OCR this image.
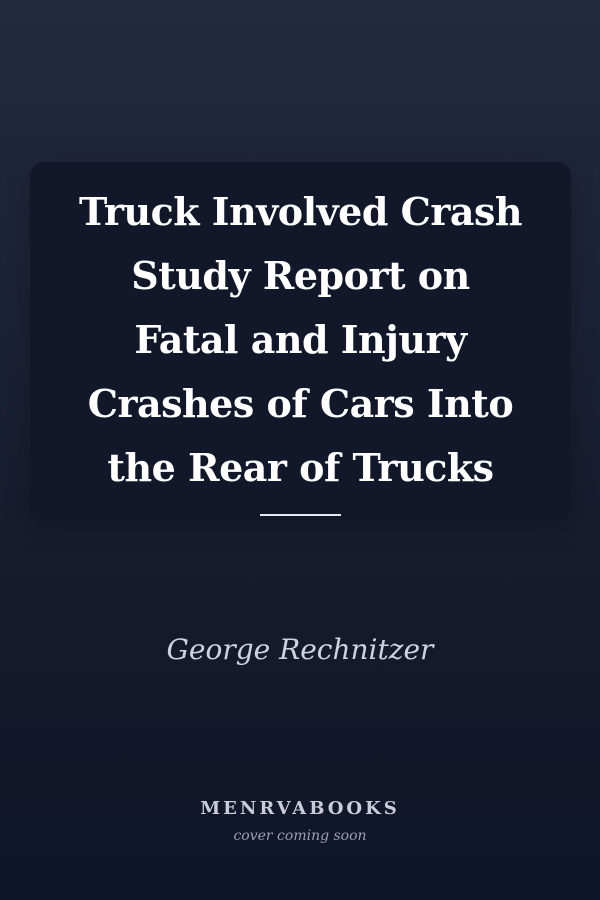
Truck Involved Crash
Study Report on
Fatal and Injury
Crashes of Cars Into
the Rear of Trucks
George Rechnitzer
MENRVABOOKS
cover coming soon
